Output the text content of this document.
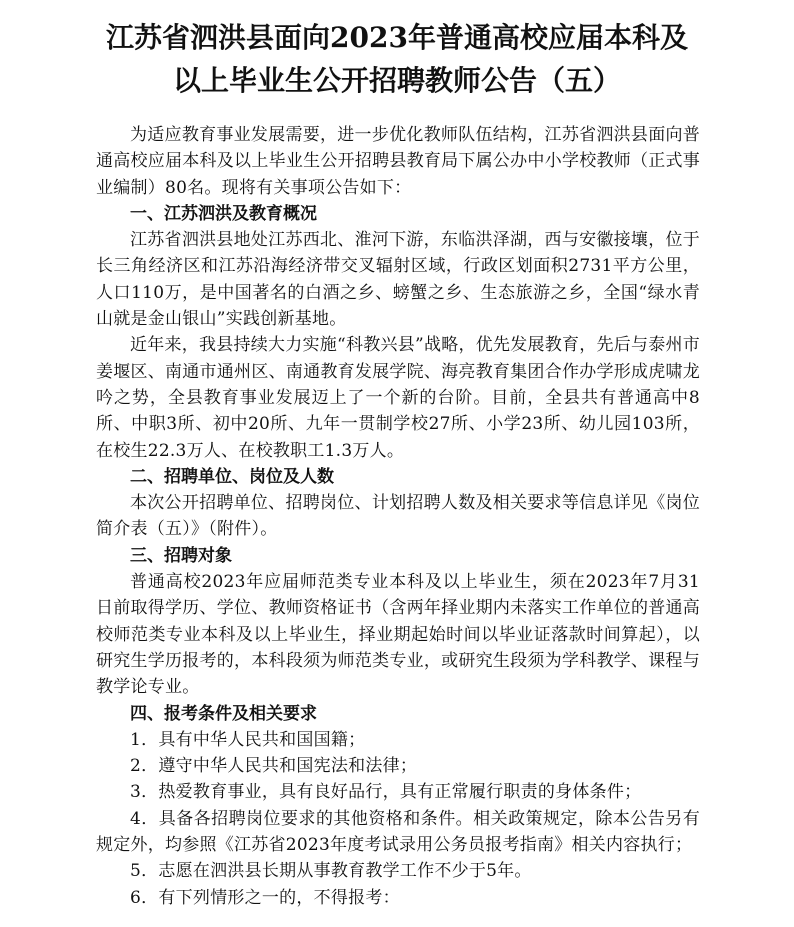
江苏省泗洪县面向2023年普通高校应届本科及
以上毕业生公开招聘教师公告（五）

为适应教育事业发展需要，进一步优化教师队伍结构，江苏省泗洪县面向普通高校应届本科及以上毕业生公开招聘县教育局下属公办中小学校教师（正式事业编制）80名。现将有关事项公告如下：

一、江苏泗洪及教育概况

江苏省泗洪县地处江苏西北、淮河下游，东临洪泽湖，西与安徽接壤，位于长三角经济区和江苏沿海经济带交叉辐射区域，行政区划面积2731平方公里，人口110万，是中国著名的白酒之乡、螃蟹之乡、生态旅游之乡，全国“绿水青山就是金山银山”实践创新基地。

近年来，我县持续大力实施“科教兴县”战略，优先发展教育，先后与泰州市姜堰区、南通市通州区、南通教育发展学院、海亮教育集团合作办学形成虎啸龙吟之势，全县教育事业发展迈上了一个新的台阶。目前，全县共有普通高中8所、中职3所、初中20所、九年一贯制学校27所、小学23所、幼儿园103所，在校生22.3万人、在校教职工1.3万人。

二、招聘单位、岗位及人数

本次公开招聘单位、招聘岗位、计划招聘人数及相关要求等信息详见《岗位简介表（五）》（附件）。

三、招聘对象

普通高校2023年应届师范类专业本科及以上毕业生，须在2023年7月31日前取得学历、学位、教师资格证书（含两年择业期内未落实工作单位的普通高校师范类专业本科及以上毕业生，择业期起始时间以毕业证落款时间算起），以研究生学历报考的，本科段须为师范类专业，或研究生段须为学科教学、课程与教学论专业。

四、报考条件及相关要求

1．具有中华人民共和国国籍；

2．遵守中华人民共和国宪法和法律；

3．热爱教育事业，具有良好品行，具有正常履行职责的身体条件；

4．具备各招聘岗位要求的其他资格和条件。相关政策规定，除本公告另有规定外，均参照《江苏省2023年度考试录用公务员报考指南》相关内容执行；

5．志愿在泗洪县长期从事教育教学工作不少于5年。

6．有下列情形之一的，不得报考：
